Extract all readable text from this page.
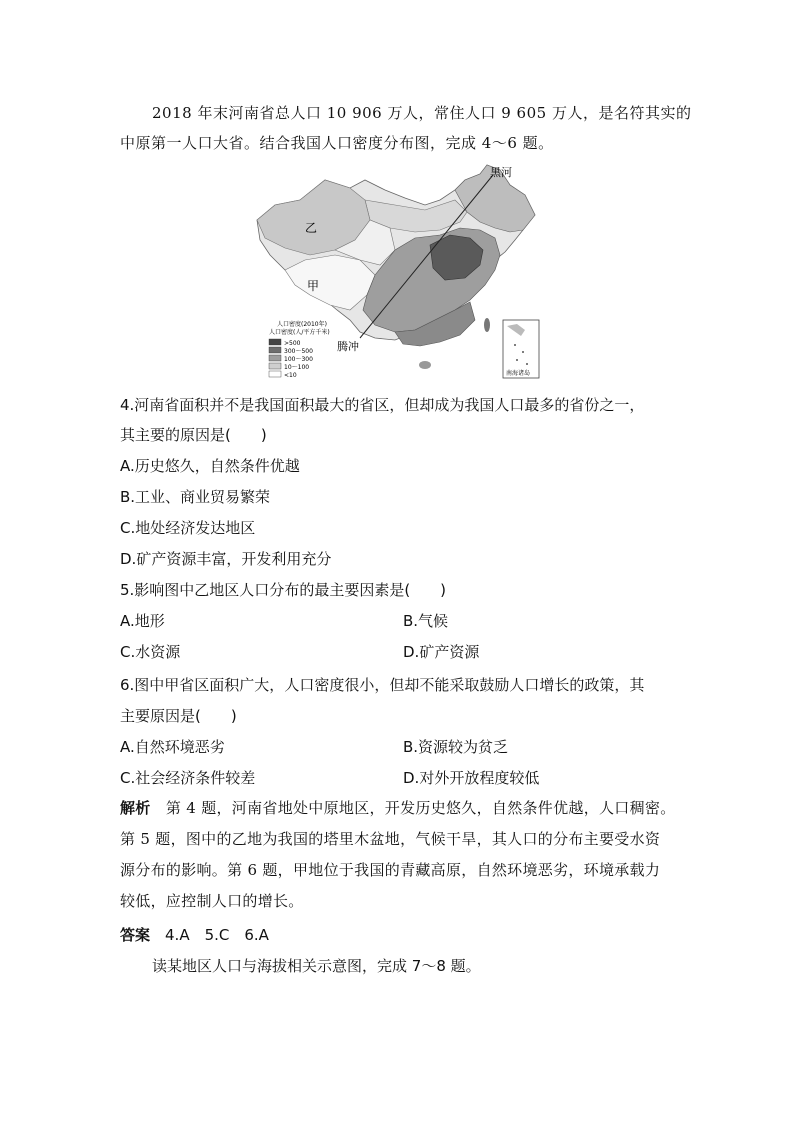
2018 年末河南省总人口 10 906 万人，常住人口 9 605 万人，是名符其实的
中原第一人口大省。结合我国人口密度分布图，完成 4～6 题。
黑河
乙
甲
腾冲
人口密度(2010年)
人口密度(人/平方千米)
>500
300～500
100～300
10～100
<10	南海诸岛
4.河南省面积并不是我国面积最大的省区，但却成为我国人口最多的省份之一，
其主要的原因是(　　)
A.历史悠久，自然条件优越
B.工业、商业贸易繁荣
C.地处经济发达地区
D.矿产资源丰富，开发利用充分
5.影响图中乙地区人口分布的最主要因素是(　　)
A.地形	B.气候
C.水资源	D.矿产资源
6.图中甲省区面积广大，人口密度很小，但却不能采取鼓励人口增长的政策，其
主要原因是(　　)
A.自然环境恶劣	B.资源较为贫乏
C.社会经济条件较差	D.对外开放程度较低
解析　第 4 题，河南省地处中原地区，开发历史悠久，自然条件优越，人口稠密。
第 5 题，图中的乙地为我国的塔里木盆地，气候干旱，其人口的分布主要受水资
源分布的影响。第 6 题，甲地位于我国的青藏高原，自然环境恶劣，环境承载力
较低，应控制人口的增长。
答案　4.A　5.C　6.A
读某地区人口与海拔相关示意图，完成 7～8 题。
